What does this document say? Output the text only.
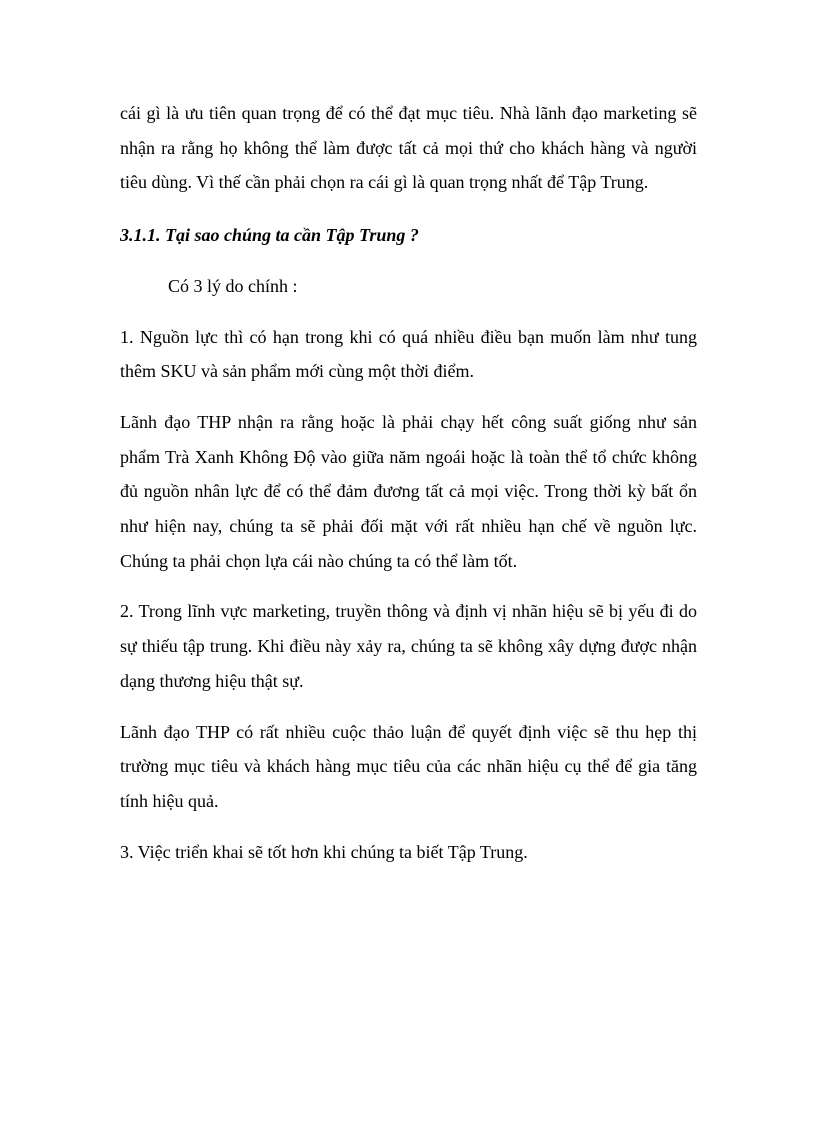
cái gì là ưu tiên quan trọng để có thể đạt mục tiêu. Nhà lãnh đạo marketing sẽ nhận ra rằng họ không thể làm được tất cả mọi thứ cho khách hàng và người tiêu dùng. Vì thế cần phải chọn ra cái gì là quan trọng nhất để Tập Trung.

3.1.1. Tại sao chúng ta cần Tập Trung ?

Có 3 lý do chính :

1. Nguồn lực thì có hạn trong khi có quá nhiều điều bạn muốn làm như tung thêm SKU và sản phẩm mới cùng một thời điểm.

Lãnh đạo THP nhận ra rằng hoặc là phải chạy hết công suất giống như sản phẩm Trà Xanh Không Độ vào giữa năm ngoái hoặc là toàn thể tổ chức không đủ nguồn nhân lực để có thể đảm đương tất cả mọi việc. Trong thời kỳ bất ổn như hiện nay, chúng ta sẽ phải đối mặt với rất nhiều hạn chế về nguồn lực. Chúng ta phải chọn lựa cái nào chúng ta có thể làm tốt.

2. Trong lĩnh vực marketing, truyền thông và định vị nhãn hiệu sẽ bị yếu đi do sự thiếu tập trung. Khi điều này xảy ra, chúng ta sẽ không xây dựng được nhận dạng thương hiệu thật sự.

Lãnh đạo THP có rất nhiều cuộc thảo luận để quyết định việc sẽ thu hẹp thị trường mục tiêu và khách hàng mục tiêu của các nhãn hiệu cụ thể để gia tăng tính hiệu quả.

3. Việc triển khai sẽ tốt hơn khi chúng ta biết Tập Trung.
